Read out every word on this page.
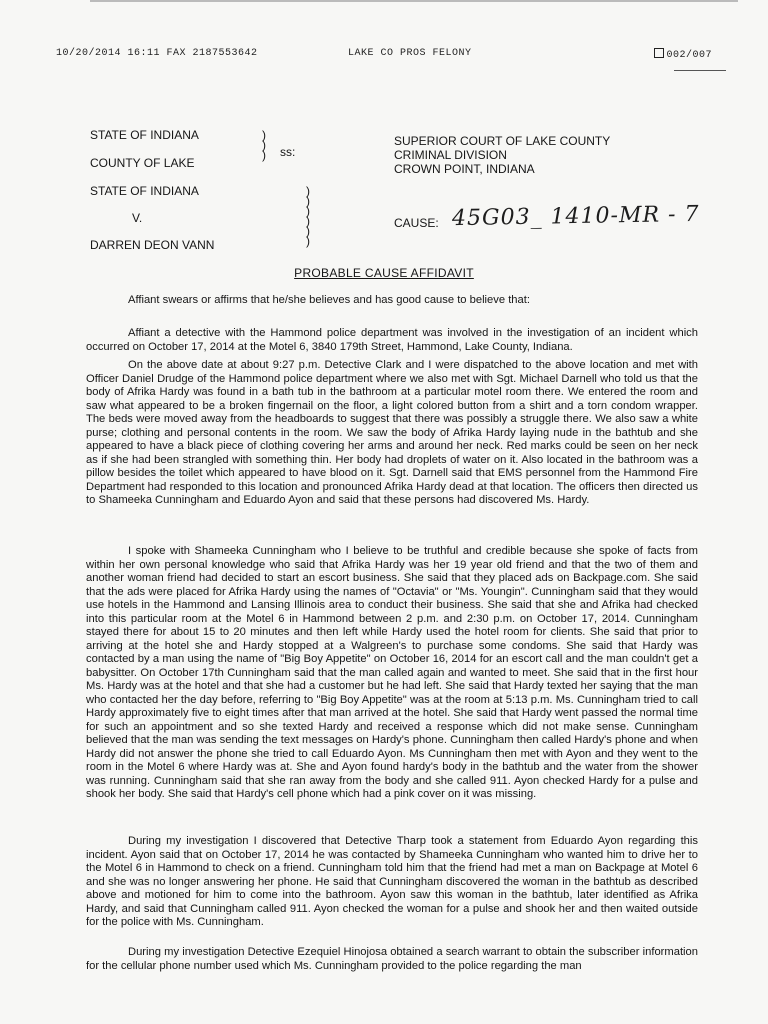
10/20/2014 16:11 FAX 2187553642	LAKE CO PROS FELONY	002/007
STATE OF INDIANA
COUNTY OF LAKE
)
)
) ss:
STATE OF INDIANA
V.
DARREN DEON VANN
)
)
)
)
)
)
SUPERIOR COURT OF LAKE COUNTY
CRIMINAL DIVISION
CROWN POINT, INDIANA
CAUSE: 45G03_ 1410-MR - 7
PROBABLE CAUSE AFFIDAVIT

Affiant swears or affirms that he/she believes and has good cause to believe that:

Affiant a detective with the Hammond police department was involved in the investigation of an incident which occurred on October 17, 2014 at the Motel 6, 3840 179th Street, Hammond, Lake County, Indiana.

On the above date at about 9:27 p.m. Detective Clark and I were dispatched to the above location and met with Officer Daniel Drudge of the Hammond police department where we also met with Sgt. Michael Darnell who told us that the body of Afrika Hardy was found in a bath tub in the bathroom at a particular motel room there. We entered the room and saw what appeared to be a broken fingernail on the floor, a light colored button from a shirt and a torn condom wrapper. The beds were moved away from the headboards to suggest that there was possibly a struggle there. We also saw a white purse; clothing and personal contents in the room. We saw the body of Afrika Hardy laying nude in the bathtub and she appeared to have a black piece of clothing covering her arms and around her neck. Red marks could be seen on her neck as if she had been strangled with something thin. Her body had droplets of water on it. Also located in the bathroom was a pillow besides the toilet which appeared to have blood on it. Sgt. Darnell said that EMS personnel from the Hammond Fire Department had responded to this location and pronounced Afrika Hardy dead at that location. The officers then directed us to Shameeka Cunningham and Eduardo Ayon and said that these persons had discovered Ms. Hardy.

I spoke with Shameeka Cunningham who I believe to be truthful and credible because she spoke of facts from within her own personal knowledge who said that Afrika Hardy was her 19 year old friend and that the two of them and another woman friend had decided to start an escort business. She said that they placed ads on Backpage.com. She said that the ads were placed for Afrika Hardy using the names of "Octavia" or "Ms. Youngin". Cunningham said that they would use hotels in the Hammond and Lansing Illinois area to conduct their business. She said that she and Afrika had checked into this particular room at the Motel 6 in Hammond between 2 p.m. and 2:30 p.m. on October 17, 2014. Cunningham stayed there for about 15 to 20 minutes and then left while Hardy used the hotel room for clients. She said that prior to arriving at the hotel she and Hardy stopped at a Walgreen's to purchase some condoms. She said that Hardy was contacted by a man using the name of "Big Boy Appetite" on October 16, 2014 for an escort call and the man couldn't get a babysitter. On October 17th Cunningham said that the man called again and wanted to meet. She said that in the first hour Ms. Hardy was at the hotel and that she had a customer but he had left. She said that Hardy texted her saying that the man who contacted her the day before, referring to "Big Boy Appetite" was at the room at 5:13 p.m. Ms. Cunningham tried to call Hardy approximately five to eight times after that man arrived at the hotel. She said that Hardy went passed the normal time for such an appointment and so she texted Hardy and received a response which did not make sense. Cunningham believed that the man was sending the text messages on Hardy's phone. Cunningham then called Hardy's phone and when Hardy did not answer the phone she tried to call Eduardo Ayon. Ms Cunningham then met with Ayon and they went to the room in the Motel 6 where Hardy was at. She and Ayon found hardy's body in the bathtub and the water from the shower was running. Cunningham said that she ran away from the body and she called 911. Ayon checked Hardy for a pulse and shook her body. She said that Hardy's cell phone which had a pink cover on it was missing.

During my investigation I discovered that Detective Tharp took a statement from Eduardo Ayon regarding this incident. Ayon said that on October 17, 2014 he was contacted by Shameeka Cunningham who wanted him to drive her to the Motel 6 in Hammond to check on a friend. Cunningham told him that the friend had met a man on Backpage at Motel 6 and she was no longer answering her phone. He said that Cunningham discovered the woman in the bathtub as described above and motioned for him to come into the bathroom. Ayon saw this woman in the bathtub, later identified as Afrika Hardy, and said that Cunningham called 911. Ayon checked the woman for a pulse and shook her and then waited outside for the police with Ms. Cunningham.

During my investigation Detective Ezequiel Hinojosa obtained a search warrant to obtain the subscriber information for the cellular phone number used which Ms. Cunningham provided to the police regarding the man
